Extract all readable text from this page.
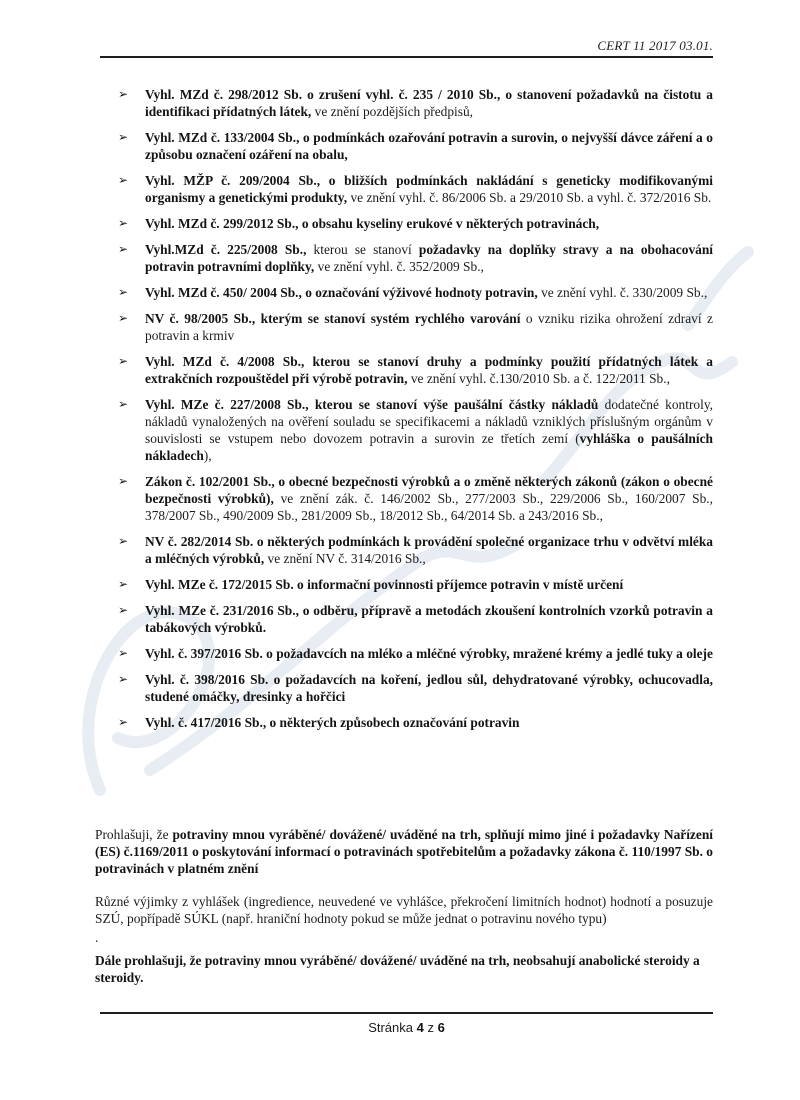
CERT 11 2017 03.01.
➢	Vyhl. MZd č. 298/2012 Sb. o zrušení vyhl. č. 235 / 2010 Sb., o stanovení požadavků na čistotu a identifikaci přídatných látek, ve znění pozdějších předpisů,
➢	Vyhl. MZd č. 133/2004 Sb., o podmínkách ozařování potravin a surovin, o nejvyšší dávce záření a o způsobu označení ozáření na obalu,
➢	Vyhl. MŽP č. 209/2004 Sb., o bližších podmínkách nakládání s geneticky modifikovanými organismy a genetickými produkty, ve znění vyhl. č. 86/2006 Sb. a 29/2010 Sb. a vyhl. č. 372/2016 Sb.
➢	Vyhl. MZd č. 299/2012 Sb., o obsahu kyseliny erukové v některých potravinách,
➢	Vyhl.MZd č. 225/2008 Sb., kterou se stanoví požadavky na doplňky stravy a na obohacování potravin potravními doplňky, ve znění vyhl. č. 352/2009 Sb.,
➢	Vyhl. MZd č. 450/ 2004 Sb., o označování výživové hodnoty potravin, ve znění vyhl. č. 330/2009 Sb.,
➢	NV č. 98/2005 Sb., kterým se stanoví systém rychlého varování o vzniku rizika ohrožení zdraví z potravin a krmiv
➢	Vyhl. MZd č. 4/2008 Sb., kterou se stanoví druhy a podmínky použití přídatných látek a extrakčních rozpouštědel při výrobě potravin, ve znění vyhl. č.130/2010 Sb. a č. 122/2011 Sb.,
➢	Vyhl. MZe č. 227/2008 Sb., kterou se stanoví výše paušální částky nákladů dodatečné kontroly, nákladů vynaložených na ověření souladu se specifikacemi a nákladů vzniklých příslušným orgánům v souvislosti se vstupem nebo dovozem potravin a surovin ze třetích zemí (vyhláška o paušálních nákladech),
➢	Zákon č. 102/2001 Sb., o obecné bezpečnosti výrobků a o změně některých zákonů (zákon o obecné bezpečnosti výrobků), ve znění zák. č. 146/2002 Sb., 277/2003 Sb., 229/2006 Sb., 160/2007 Sb., 378/2007 Sb., 490/2009 Sb., 281/2009 Sb., 18/2012 Sb., 64/2014 Sb. a 243/2016 Sb.,
➢	NV č. 282/2014 Sb. o některých podmínkách k provádění společné organizace trhu v odvětví mléka a mléčných výrobků, ve znění NV č. 314/2016 Sb.,
➢	Vyhl. MZe č. 172/2015 Sb. o informační povinnosti příjemce potravin v místě určení
➢	Vyhl. MZe č. 231/2016 Sb., o odběru, přípravě a metodách zkoušení kontrolních vzorků potravin a tabákových výrobků.
➢	Vyhl. č. 397/2016 Sb. o požadavcích na mléko a mléčné výrobky, mražené krémy a jedlé tuky a oleje
➢	Vyhl. č. 398/2016 Sb. o požadavcích na koření, jedlou sůl, dehydratované výrobky, ochucovadla, studené omáčky, dresinky a hořčici
➢	Vyhl. č. 417/2016 Sb., o některých způsobech označování potravin

Prohlašuji, že potraviny mnou vyráběné/ dovážené/ uváděné na trh, splňují mimo jiné i požadavky Nařízení (ES) č.1169/2011 o poskytování informací o potravinách spotřebitelům a požadavky zákona č. 110/1997 Sb. o potravinách v platném znění

Různé výjimky z vyhlášek (ingredience, neuvedené ve vyhlášce, překročení limitních hodnot) hodnotí a posuzuje SZÚ, popřípadě SÚKL (např. hraniční hodnoty pokud se může jednat o potravinu nového typu)

.

Dále prohlašuji, že potraviny mnou vyráběné/ dovážené/ uváděné na trh, neobsahují anabolické steroidy a steroidy.

Stránka 4 z 6
